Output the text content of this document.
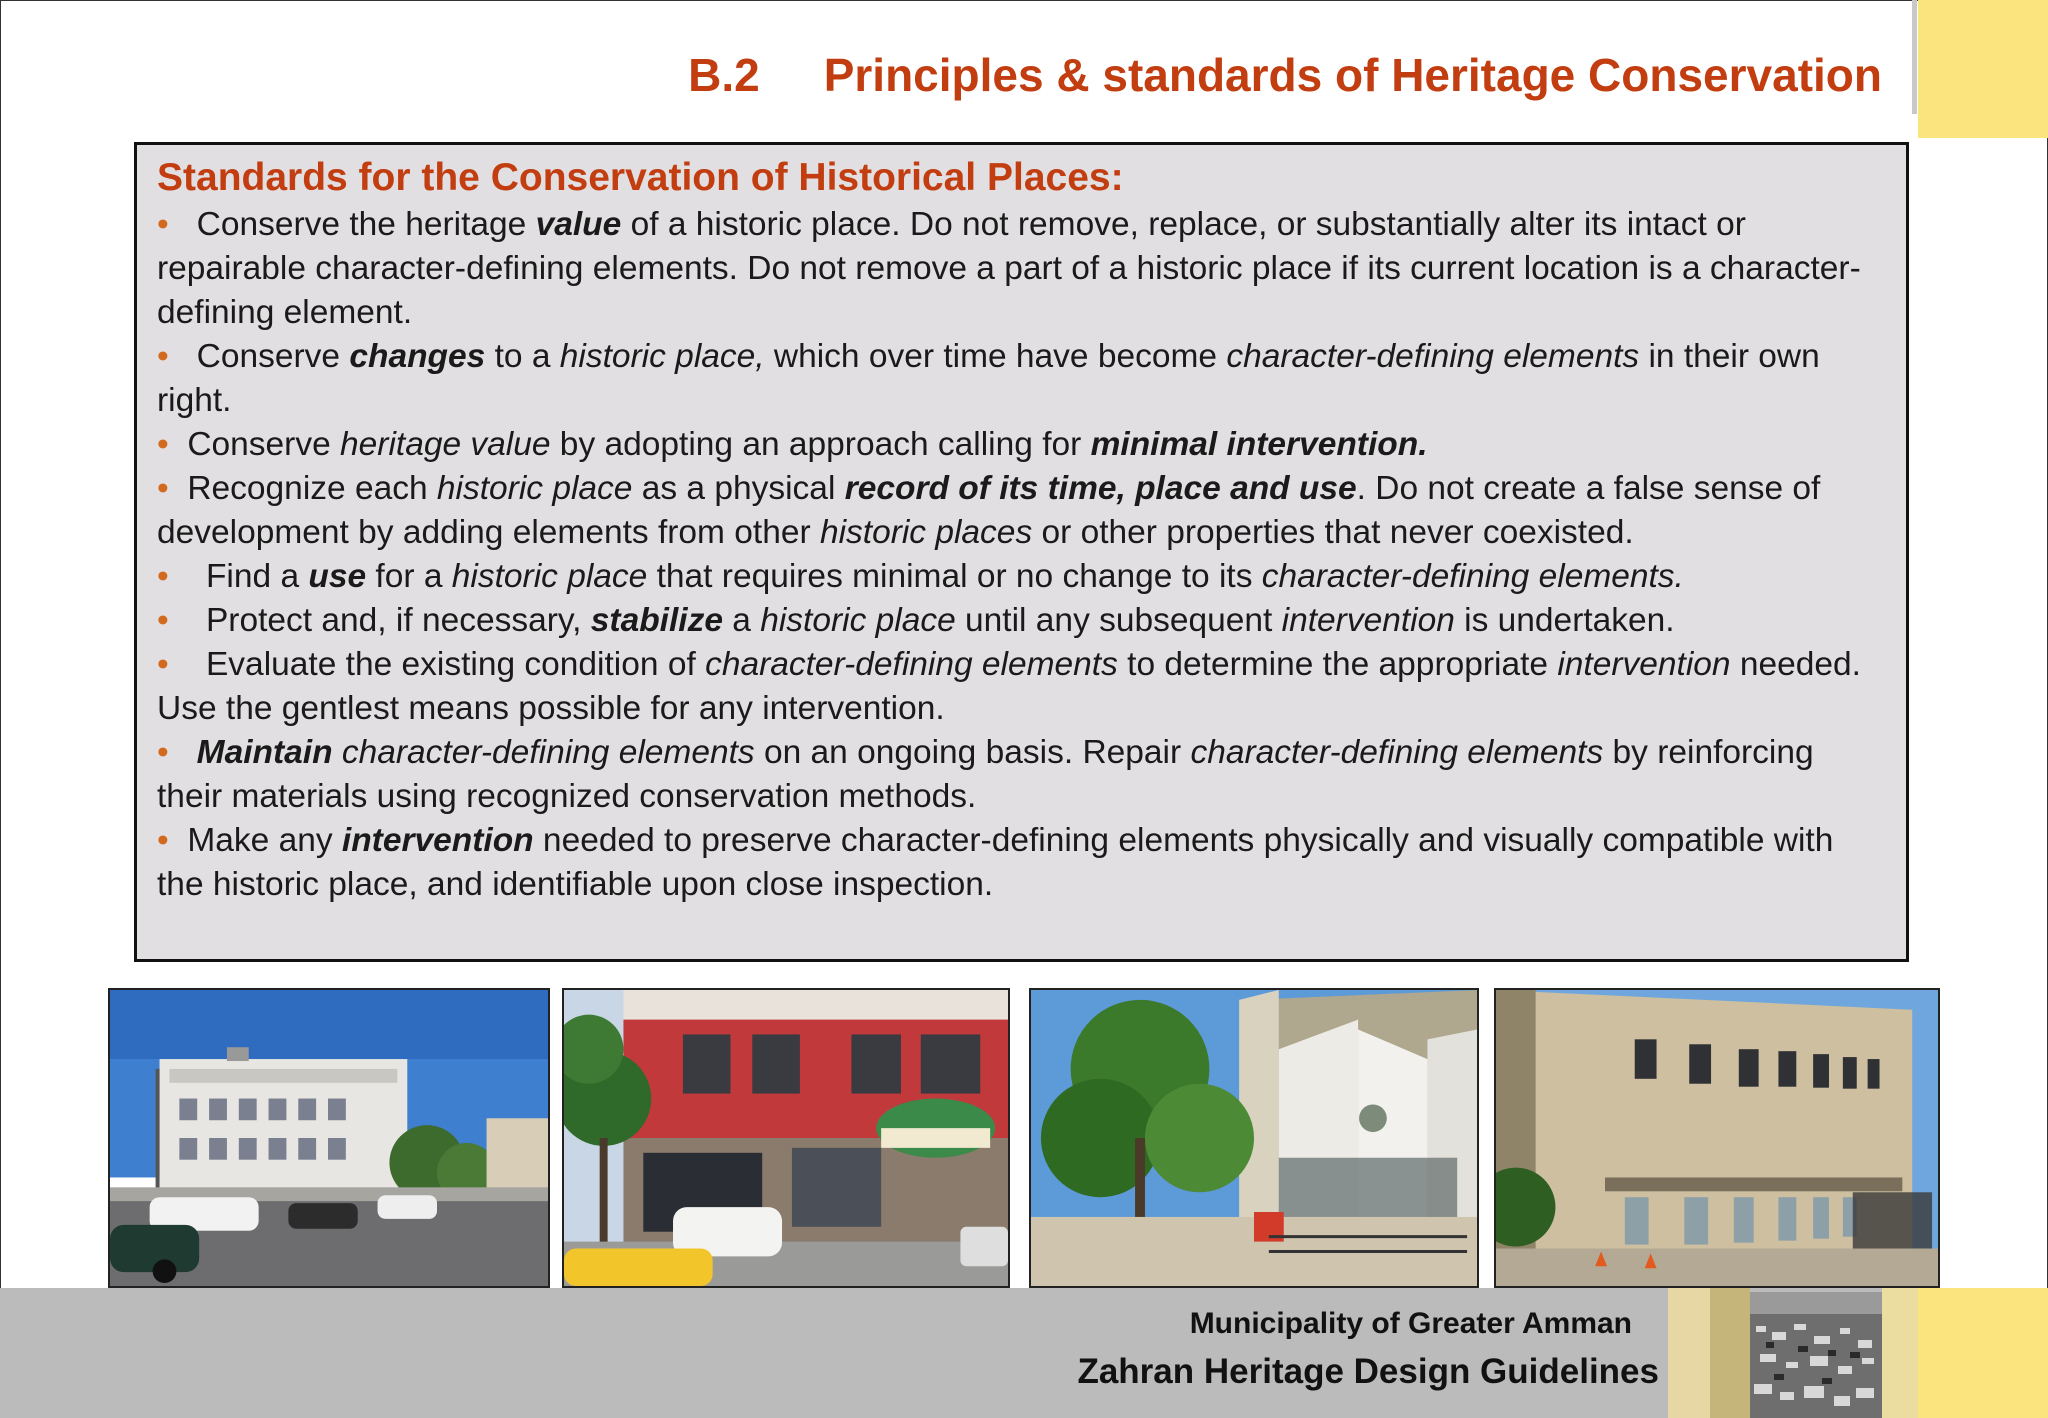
B.2 Principles & standards of Heritage Conservation
Standards for the Conservation of Historical Places:
•   Conserve the heritage value of a historic place. Do not remove, replace, or substantially alter its intact or repairable character-defining elements. Do not remove a part of a historic place if its current location is a character-defining element.
•   Conserve changes to a historic place, which over time have become character-defining elements in their own right.
•  Conserve heritage value by adopting an approach calling for minimal intervention.
•  Recognize each historic place as a physical record of its time, place and use. Do not create a false sense of development by adding elements from other historic places or other properties that never coexisted.
•    Find a use for a historic place that requires minimal or no change to its character-defining elements.
•    Protect and, if necessary, stabilize a historic place until any subsequent intervention is undertaken.
•    Evaluate the existing condition of character-defining elements to determine the appropriate intervention needed. Use the gentlest means possible for any intervention.
• Maintain character-defining elements on an ongoing basis. Repair character-defining elements by reinforcing their materials using recognized conservation methods.
•  Make any intervention needed to preserve character-defining elements physically and visually compatible with the historic place, and identifiable upon close inspection.
Municipality of Greater Amman
Zahran Heritage Design Guidelines
